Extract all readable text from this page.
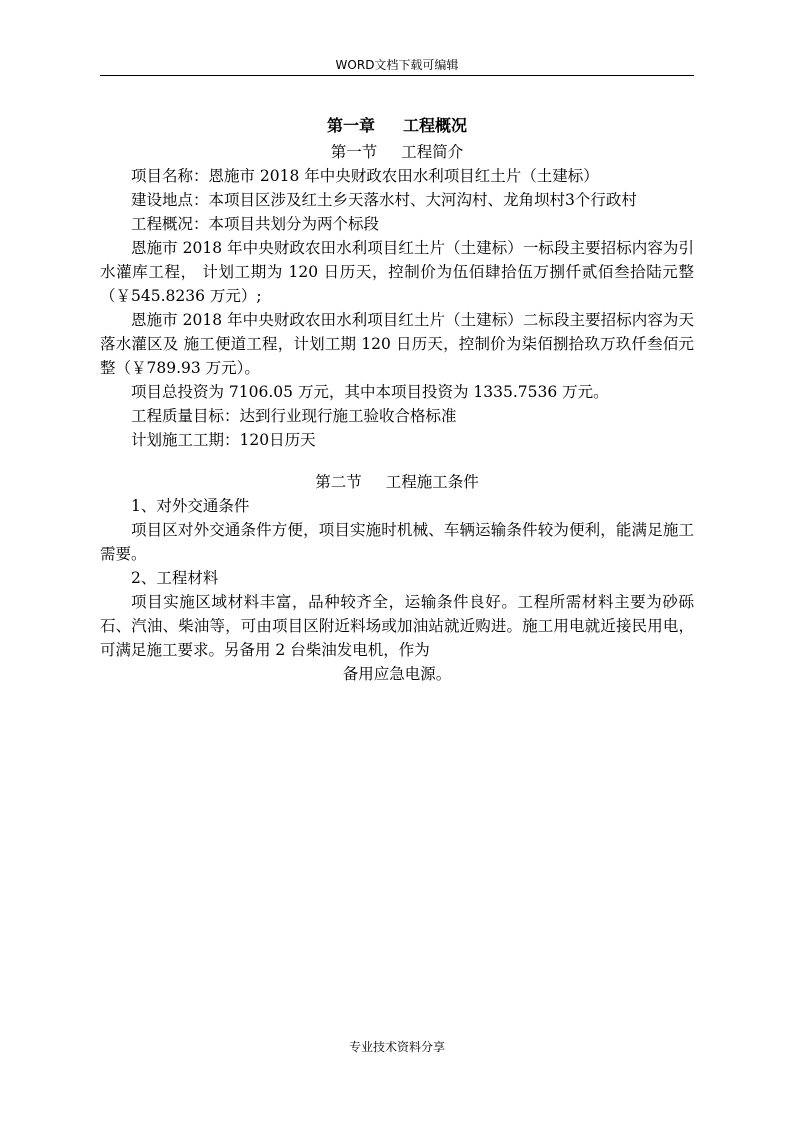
WORD文档下载可编辑
第一章 工程概况
第一节 工程简介

项目名称：恩施市 2018 年中央财政农田水利项目红土片（土建标）

建设地点：本项目区涉及红土乡天落水村、大河沟村、龙角坝村3个行政村

工程概况：本项目共划分为两个标段

恩施市 2018 年中央财政农田水利项目红土片（土建标）一标段主要招标内容为引水灌库工程， 计划工期为 120 日历天，控制价为伍佰肆拾伍万捌仟贰佰叁拾陆元整（￥545.8236 万元）;

恩施市 2018 年中央财政农田水利项目红土片（土建标）二标段主要招标内容为天落水灌区及 施工便道工程，计划工期 120 日历天，控制价为柒佰捌拾玖万玖仟叁佰元整（￥789.93 万元）。

项目总投资为 7106.05 万元，其中本项目投资为 1335.7536 万元。

工程质量目标：达到行业现行施工验收合格标准

计划施工工期：120日历天

第二节 工程施工条件

1、对外交通条件

项目区对外交通条件方便，项目实施时机械、车辆运输条件较为便利，能满足施工需要。

2、工程材料

项目实施区域材料丰富，品种较齐全，运输条件良好。工程所需材料主要为砂砾石、汽油、柴油等，可由项目区附近料场或加油站就近购进。施工用电就近接民用电，可满足施工要求。另备用 2 台柴油发电机，作为

备用应急电源。

专业技术资料分享
